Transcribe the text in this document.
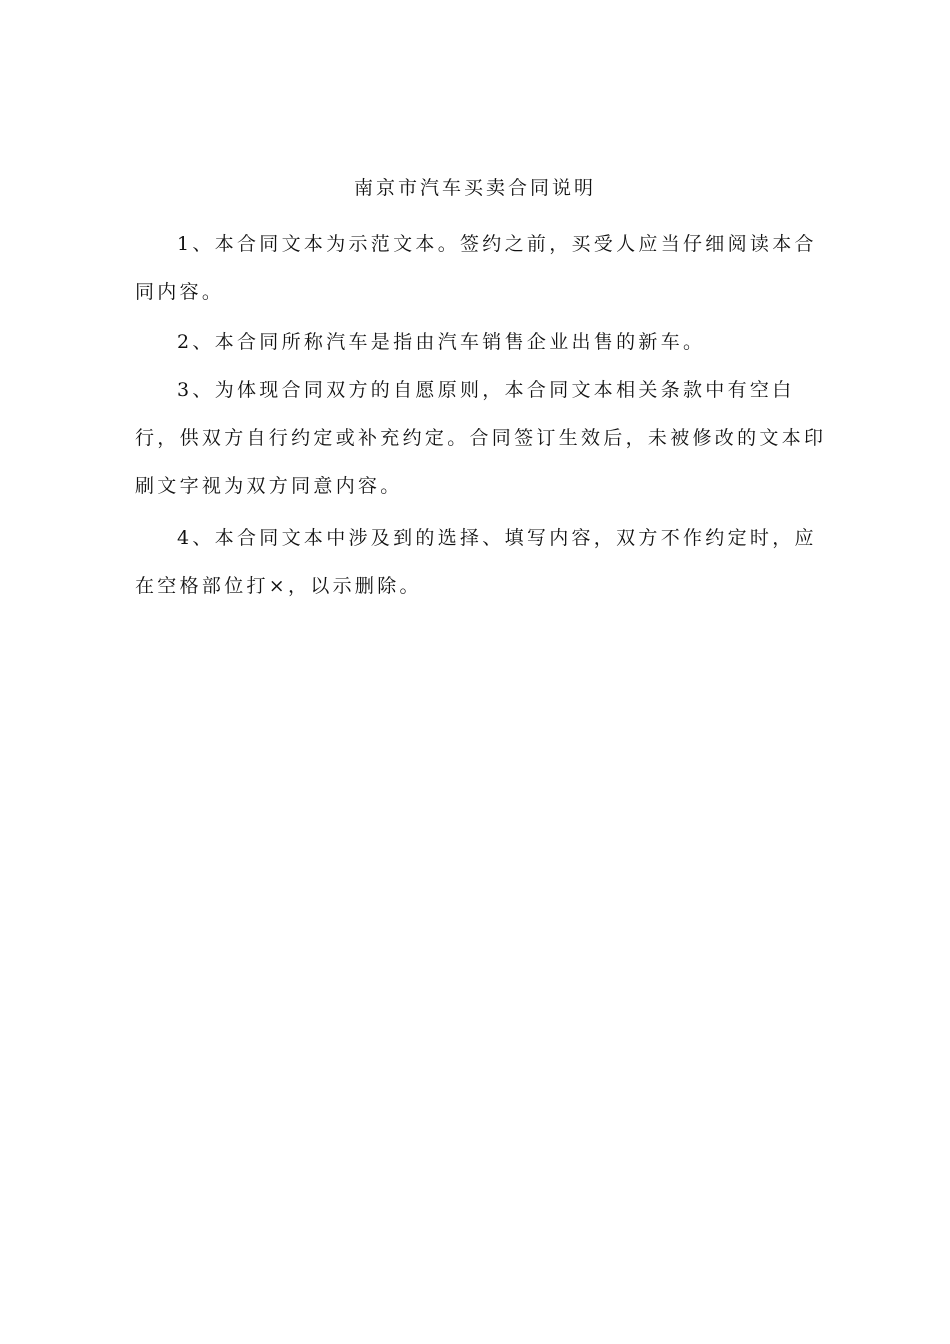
南京市汽车买卖合同说明
1、本合同文本为示范文本。签约之前，买受人应当仔细阅读本合同内容。
2、本合同所称汽车是指由汽车销售企业出售的新车。
3、为体现合同双方的自愿原则，本合同文本相关条款中有空白行，供双方自行约定或补充约定。合同签订生效后，未被修改的文本印刷文字视为双方同意内容。
4、本合同文本中涉及到的选择、填写内容，双方不作约定时，应在空格部位打×，以示删除。
